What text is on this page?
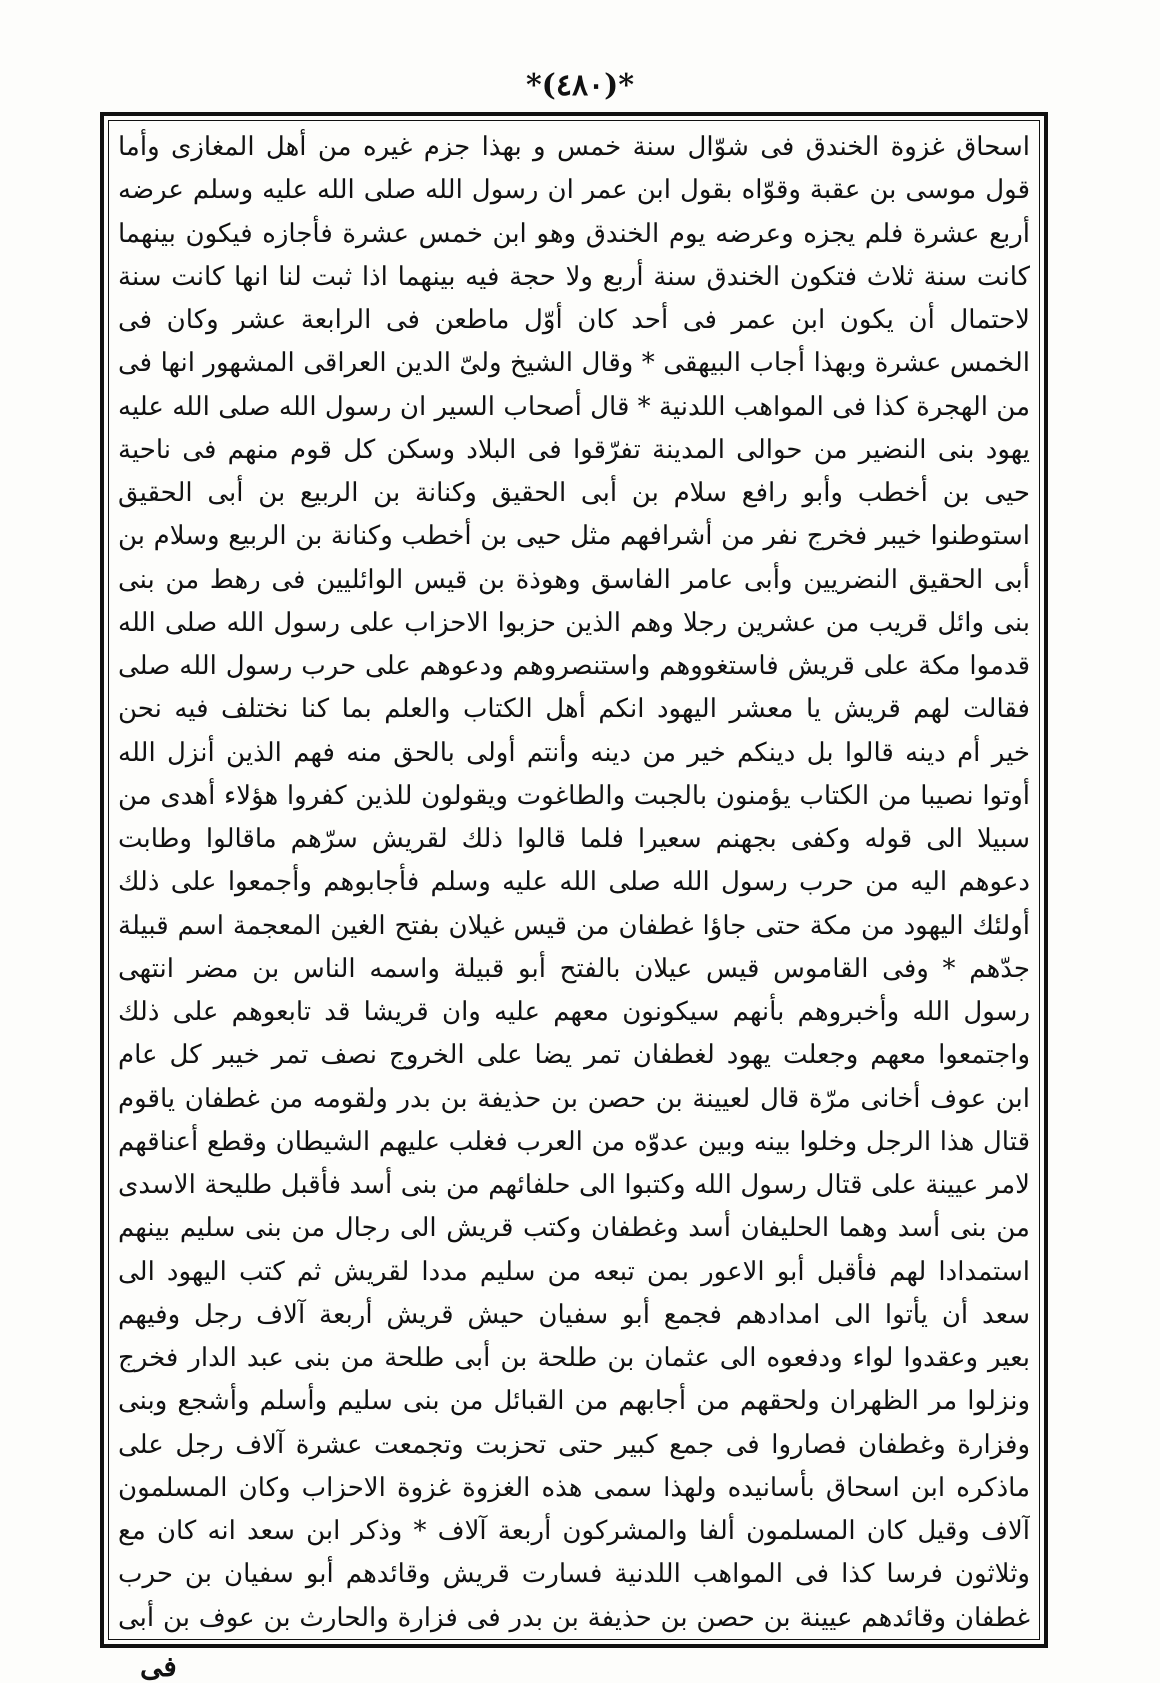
*(٤٨٠)*
اسحاق غزوة الخندق فى شوّال سنة خمس و بهذا جزم غيره من أهل المغازى وأما
قول موسى بن عقبة وقوّاه بقول ابن عمر ان رسول الله صلى الله عليه وسلم عرضه
أربع عشرة فلم يجزه وعرضه يوم الخندق وهو ابن خمس عشرة فأجازه فيكون بينهما
كانت سنة ثلاث فتكون الخندق سنة أربع ولا حجة فيه بينهما اذا ثبت لنا انها كانت سنة
لاحتمال أن يكون ابن عمر فى أحد كان أوّل ماطعن فى الرابعة عشر وكان فى
الخمس عشرة وبهذا أجاب البيهقى * وقال الشيخ ولىّ الدين العراقى المشهور انها فى
من الهجرة كذا فى المواهب اللدنية * قال أصحاب السير ان رسول الله صلى الله عليه
يهود بنى النضير من حوالى المدينة تفرّقوا فى البلاد وسكن كل قوم منهم فى ناحية
حيى بن أخطب وأبو رافع سلام بن أبى الحقيق وكنانة بن الربيع بن أبى الحقيق
استوطنوا خيبر فخرج نفر من أشرافهم مثل حيى بن أخطب وكنانة بن الربيع وسلام بن
أبى الحقيق النضريين وأبى عامر الفاسق وهوذة بن قيس الوائليين فى رهط من بنى
بنى وائل قريب من عشرين رجلا وهم الذين حزبوا الاحزاب على رسول الله صلى الله
قدموا مكة على قريش فاستغووهم واستنصروهم ودعوهم على حرب رسول الله صلى
فقالت لهم قريش يا معشر اليهود انكم أهل الكتاب والعلم بما كنا نختلف فيه نحن
خير أم دينه قالوا بل دينكم خير من دينه وأنتم أولى بالحق منه فهم الذين أنزل الله
أوتوا نصيبا من الكتاب يؤمنون بالجبت والطاغوت ويقولون للذين كفروا هؤلاء أهدى من
سبيلا الى قوله وكفى بجهنم سعيرا فلما قالوا ذلك لقريش سرّهم ماقالوا وطابت
دعوهم اليه من حرب رسول الله صلى الله عليه وسلم فأجابوهم وأجمعوا على ذلك
أولئك اليهود من مكة حتى جاؤا غطفان من قيس غيلان بفتح الغين المعجمة اسم قبيلة
جدّهم * وفى القاموس قيس عيلان بالفتح أبو قبيلة واسمه الناس بن مضر انتهى
رسول الله وأخبروهم بأنهم سيكونون معهم عليه وان قريشا قد تابعوهم على ذلك
واجتمعوا معهم وجعلت يهود لغطفان تمر يضا على الخروج نصف تمر خيبر كل عام
ابن عوف أخانى مرّة قال لعيينة بن حصن بن حذيفة بن بدر ولقومه من غطفان ياقوم
قتال هذا الرجل وخلوا بينه وبين عدوّه من العرب فغلب عليهم الشيطان وقطع أعناقهم
لامر عيينة على قتال رسول الله وكتبوا الى حلفائهم من بنى أسد فأقبل طليحة الاسدى
من بنى أسد وهما الحليفان أسد وغطفان وكتب قريش الى رجال من بنى سليم بينهم
استمدادا لهم فأقبل أبو الاعور بمن تبعه من سليم مددا لقريش ثم كتب اليهود الى
سعد أن يأتوا الى امدادهم فجمع أبو سفيان حيش قريش أربعة آلاف رجل وفيهم
بعير وعقدوا لواء ودفعوه الى عثمان بن طلحة بن أبى طلحة من بنى عبد الدار فخرج
ونزلوا مر الظهران ولحقهم من أجابهم من القبائل من بنى سليم وأسلم وأشجع وبنى
وفزارة وغطفان فصاروا فى جمع كبير حتى تحزبت وتجمعت عشرة آلاف رجل على
ماذكره ابن اسحاق بأسانيده ولهذا سمى هذه الغزوة غزوة الاحزاب وكان المسلمون
آلاف وقيل كان المسلمون ألفا والمشركون أربعة آلاف * وذكر ابن سعد انه كان مع
وثلاثون فرسا كذا فى المواهب اللدنية فسارت قريش وقائدهم أبو سفيان بن حرب
غطفان وقائدهم عيينة بن حصن بن حذيفة بن بدر فى فزارة والحارث بن عوف بن أبى
فى
